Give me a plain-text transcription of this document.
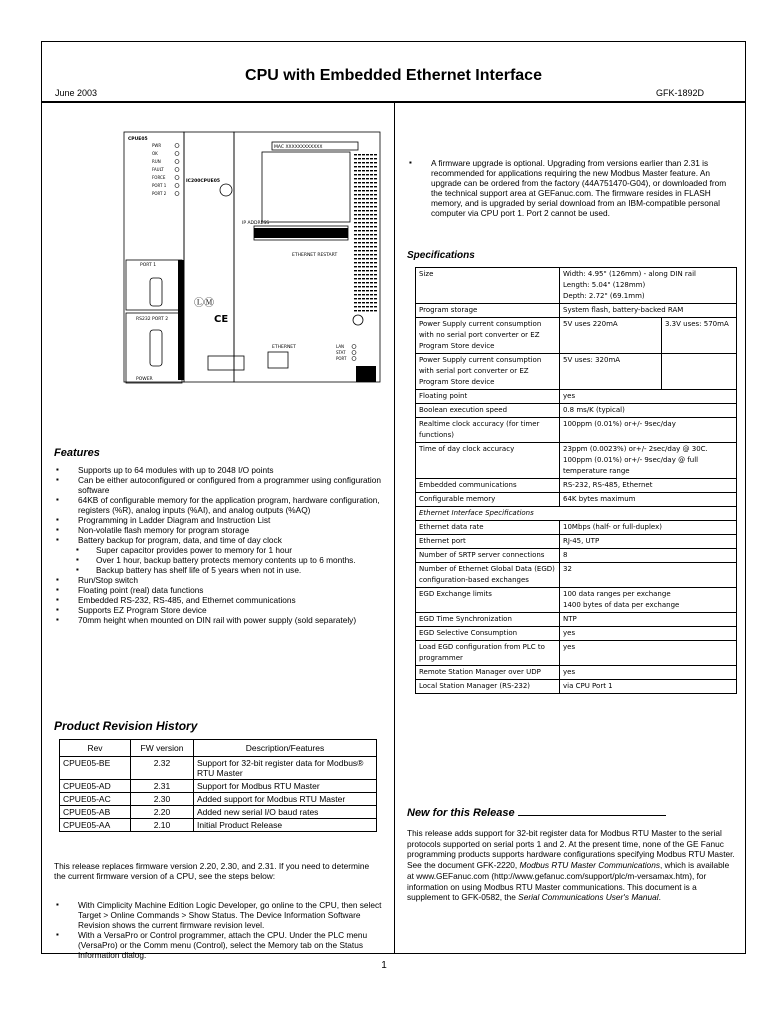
CPU with Embedded Ethernet Interface
June 2003	GFK-1892D
CPUE05
IC200CPUE05
MAC XXXXXXXXXXXX
IP ADDRESS
PORT 1
RS232 PORT 2
ETHERNET
ETHERNET RESTART
POWER
PWR
OK
RUN
FAULT
FORCE
PORT 1
PORT 2
LAN
STAT
PORT
ⓁⓂ
CE
Features
▪ Supports up to 64 modules with up to 2048 I/O points
▪ Can be either autoconfigured or configured from a programmer using configuration software
▪ 64KB of configurable memory for the application program, hardware configuration, registers (%R), analog inputs (%AI), and analog outputs (%AQ)
▪ Programming in Ladder Diagram and Instruction List
▪ Non-volatile flash memory for program storage
▪ Battery backup for program, data, and time of day clock
▪ Super capacitor provides power to memory for 1 hour
▪ Over 1 hour, backup battery protects memory contents up to 6 months.
▪ Backup battery has shelf life of 5 years when not in use.
▪ Run/Stop switch
▪ Floating point (real) data functions
▪ Embedded RS-232, RS-485, and Ethernet communications
▪ Supports EZ Program Store device
▪ 70mm height when mounted on DIN rail with power supply (sold separately)
Product Revision History
Rev	FW version	Description/Features
CPUE05-BE	2.32	Support for 32-bit register data for Modbus® RTU Master
CPUE05-AD	2.31	Support for Modbus RTU Master
CPUE05-AC	2.30	Added support for Modbus RTU Master
CPUE05-AB	2.20	Added new serial I/O baud rates
CPUE05-AA	2.10	Initial Product Release

This release replaces firmware version 2.20, 2.30, and 2.31. If you need to determine the current firmware version of a CPU, see the steps below:

▪ With Cimplicity Machine Edition Logic Developer, go online to the CPU, then select Target > Online Commands > Show Status. The Device Information Software Revision shows the current firmware revision level.
▪ With a VersaPro or Control programmer, attach the CPU. Under the PLC menu (VersaPro) or the Comm menu (Control), select the Memory tab on the Status Information dialog.
▪ A firmware upgrade is optional. Upgrading from versions earlier than 2.31 is recommended for applications requiring the new Modbus Master feature. An upgrade can be ordered from the factory (44A751470-G04), or downloaded from the technical support area at GEFanuc.com. The firmware resides in FLASH memory, and is upgraded by serial download from an IBM-compatible personal computer via CPU port 1. Port 2 cannot be used.
Specifications
Size	Width: 4.95" (126mm) - along DIN rail
Length: 5.04" (128mm)
Depth: 2.72" (69.1mm)	

Program storage	System flash, battery-backed RAM	
Power Supply current consumption with no serial port converter or EZ Program Store device	5V uses 220mA	3.3V uses: 570mA
Power Supply current consumption with serial port converter or EZ Program Store device	5V uses: 320mA	
Floating point	yes	
Boolean execution speed	0.8 ms/K (typical)	
Realtime clock accuracy (for timer functions)	100ppm (0.01%) or+/- 9sec/day	
Time of day clock accuracy	23ppm (0.0023%) or+/- 2sec/day @ 30C. 100ppm (0.01%) or+/- 9sec/day @ full temperature range	
Embedded communications	RS-232, RS-485, Ethernet	
Configurable memory	64K bytes maximum	
Ethernet Interface Specifications		
Ethernet data rate	10Mbps (half- or full-duplex)	
Ethernet port	RJ-45, UTP	
Number of SRTP server connections	8	
Number of Ethernet Global Data (EGD) configuration-based exchanges	32	
EGD Exchange limits	100 data ranges per exchange
1400 bytes of data per exchange	

EGD Time Synchronization	NTP	
EGD Selective Consumption	yes	
Load EGD configuration from PLC to programmer	yes	
Remote Station Manager over UDP	yes	
Local Station Manager (RS-232)	via CPU Port 1	
New for this Release

This release adds support for 32-bit register data for Modbus RTU Master to the serial protocols supported on serial ports 1 and 2. At the present time, none of the GE Fanuc programming products supports hardware configurations specifying Modbus RTU Master. See the document GFK-2220, Modbus RTU Master Communications, which is available at www.GEFanuc.com (http://www.gefanuc.com/support/plc/m-versamax.htm), for information on using Modbus RTU Master communications. This document is a supplement to GFK-0582, the Serial Communications User's Manual.

1
